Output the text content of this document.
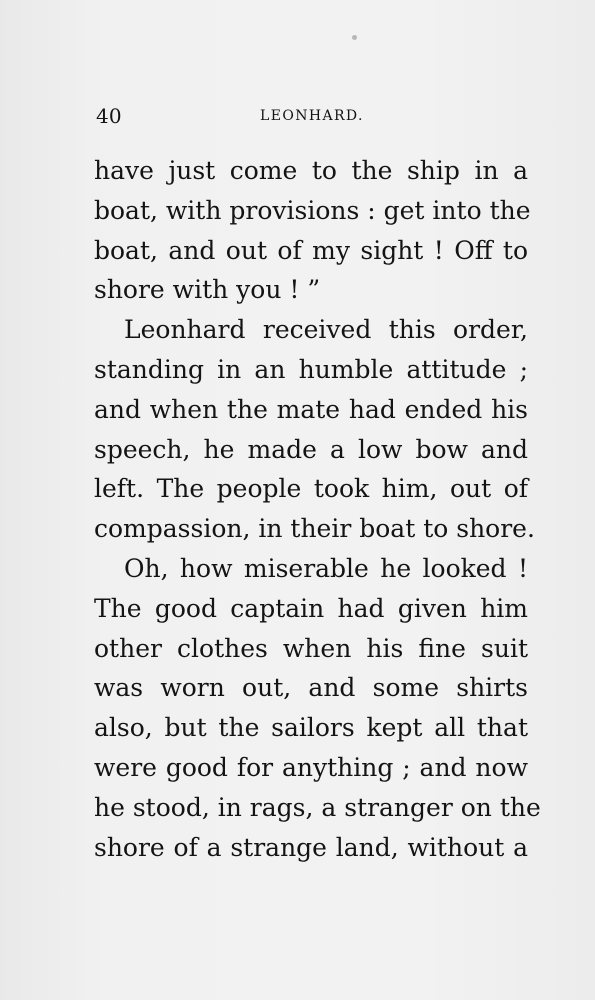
40	LEONHARD.
have just come to the ship in a
boat, with provisions : get into the
boat, and out of my sight ! Off to
shore with you ! ”
Leonhard received this order,
standing in an humble attitude ;
and when the mate had ended his
speech, he made a low bow and
left. The people took him, out of
compassion, in their boat to shore.
Oh, how miserable he looked !
The good captain had given him
other clothes when his fine suit
was worn out, and some shirts
also, but the sailors kept all that
were good for anything ; and now
he stood, in rags, a stranger on the
shore of a strange land, without a
